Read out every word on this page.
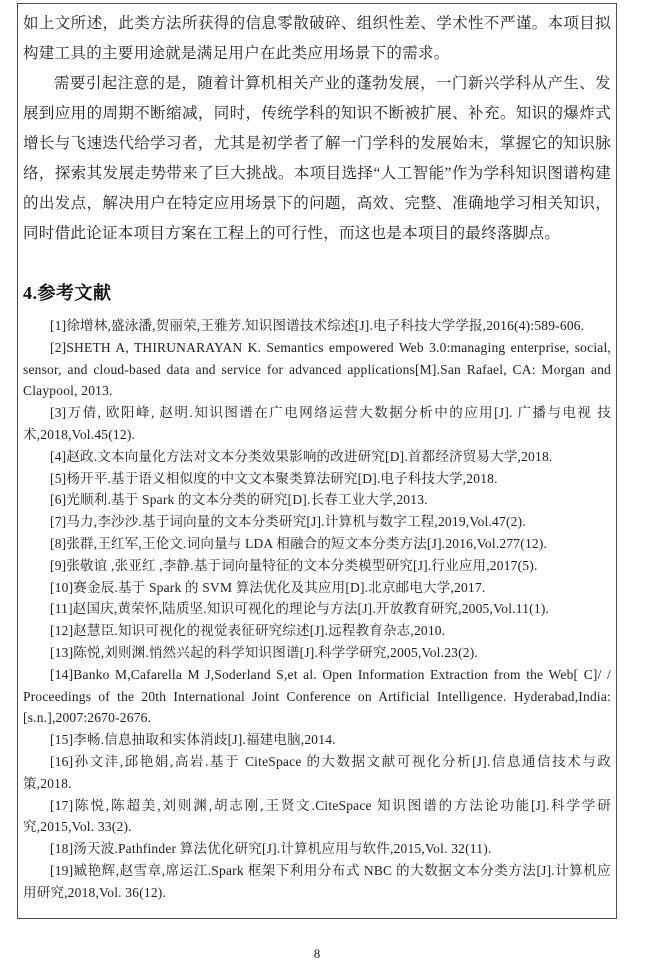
如上文所述，此类方法所获得的信息零散破碎、组织性差、学术性不严谨。本项目拟构建工具的主要用途就是满足用户在此类应用场景下的需求。

需要引起注意的是，随着计算机相关产业的蓬勃发展，一门新兴学科从产生、发展到应用的周期不断缩减，同时，传统学科的知识不断被扩展、补充。知识的爆炸式增长与飞速迭代给学习者，尤其是初学者了解一门学科的发展始末，掌握它的知识脉络，探索其发展走势带来了巨大挑战。本项目选择“人工智能”作为学科知识图谱构建的出发点，解决用户在特定应用场景下的问题，高效、完整、准确地学习相关知识，同时借此论证本项目方案在工程上的可行性，而这也是本项目的最终落脚点。

4.参考文献

[1]徐增林,盛泳潘,贺丽荣,王雅芳.知识图谱技术综述[J].电子科技大学学报,2016(4):589-606.

[2]SHETH A, THIRUNARAYAN K. Semantics empowered Web 3.0:managing enterprise, social, sensor, and cloud-based data and service for advanced applications[M].San Rafael, CA: Morgan and Claypool, 2013.

[3]万倩, 欧阳峰, 赵明.知识图谱在广电网络运营大数据分析中的应用[J]. 广播与电视 技术,2018,Vol.45(12).

[4]赵政.文本向量化方法对文本分类效果影响的改进研究[D].首都经济贸易大学,2018.

[5]杨开平.基于语义相似度的中文文本聚类算法研究[D].电子科技大学,2018.

[6]光顺利.基于 Spark 的文本分类的研究[D].长春工业大学,2013.

[7]马力,李沙沙.基于词向量的文本分类研究[J].计算机与数字工程,2019,Vol.47(2).

[8]张群,王红军,王伦文.词向量与 LDA 相融合的短文本分类方法[J].2016,Vol.277(12).

[9]张敬谊 ,张亚红 ,李静.基于词向量特征的文本分类模型研究[J].行业应用,2017(5).

[10]赛金辰.基于 Spark 的 SVM 算法优化及其应用[D].北京邮电大学,2017.

[11]赵国庆,黄荣怀,陆质坚.知识可视化的理论与方法[J].开放教育研究,2005,Vol.11(1).

[12]赵慧臣.知识可视化的视觉表征研究综述[J].远程教育杂志,2010.

[13]陈悦,刘则渊.悄然兴起的科学知识图谱[J].科学学研究,2005,Vol.23(2).

[14]Banko M,Cafarella M J,Soderland S,et al. Open Information Extraction from the Web[ C]/ / Proceedings of the 20th International Joint Conference on Artificial Intelligence. Hyderabad,India:[s.n.],2007:2670-2676.

[15]李畅.信息抽取和实体消歧[J].福建电脑,2014.

[16]孙文沣,邱艳娟,高岩.基于 CiteSpace 的大数据文献可视化分析[J].信息通信技术与政策,2018.

[17]陈悦,陈超美,刘则渊,胡志刚,王贤文.CiteSpace 知识图谱的方法论功能[J].科学学研 究,2015,Vol. 33(2).

[18]汤天波.Pathfinder 算法优化研究[J].计算机应用与软件,2015,Vol. 32(11).

[19]臧艳辉,赵雪章,席运江.Spark 框架下利用分布式 NBC 的大数据文本分类方法[J].计算机应用研究,2018,Vol. 36(12).

8
